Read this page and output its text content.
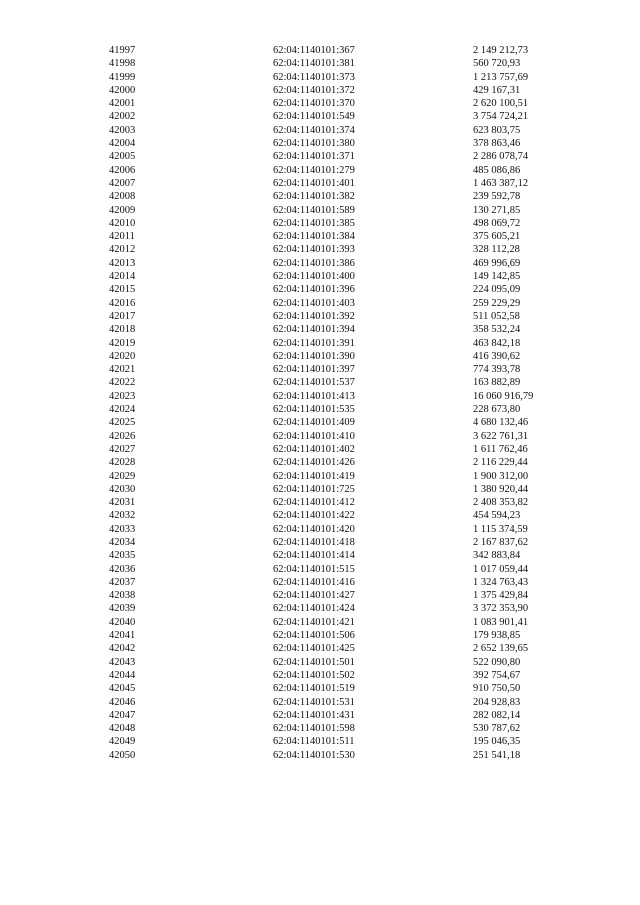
41997	62:04:1140101:367	2 149 212,73
41998	62:04:1140101:381	560 720,93
41999	62:04:1140101:373	1 213 757,69
42000	62:04:1140101:372	429 167,31
42001	62:04:1140101:370	2 620 100,51
42002	62:04:1140101:549	3 754 724,21
42003	62:04:1140101:374	623 803,75
42004	62:04:1140101:380	378 863,46
42005	62:04:1140101:371	2 286 078,74
42006	62:04:1140101:279	485 086,86
42007	62:04:1140101:401	1 463 387,12
42008	62:04:1140101:382	239 592,78
42009	62:04:1140101:589	130 271,85
42010	62:04:1140101:385	498 069,72
42011	62:04:1140101:384	375 605,21
42012	62:04:1140101:393	328 112,28
42013	62:04:1140101:386	469 996,69
42014	62:04:1140101:400	149 142,85
42015	62:04:1140101:396	224 095,09
42016	62:04:1140101:403	259 229,29
42017	62:04:1140101:392	511 052,58
42018	62:04:1140101:394	358 532,24
42019	62:04:1140101:391	463 842,18
42020	62:04:1140101:390	416 390,62
42021	62:04:1140101:397	774 393,78
42022	62:04:1140101:537	163 882,89
42023	62:04:1140101:413	16 060 916,79
42024	62:04:1140101:535	228 673,80
42025	62:04:1140101:409	4 680 132,46
42026	62:04:1140101:410	3 622 761,31
42027	62:04:1140101:402	1 611 762,46
42028	62:04:1140101:426	2 116 229,44
42029	62:04:1140101:419	1 900 312,00
42030	62:04:1140101:725	1 380 920,44
42031	62:04:1140101:412	2 408 353,82
42032	62:04:1140101:422	454 594,23
42033	62:04:1140101:420	1 115 374,59
42034	62:04:1140101:418	2 167 837,62
42035	62:04:1140101:414	342 883,84
42036	62:04:1140101:515	1 017 059,44
42037	62:04:1140101:416	1 324 763,43
42038	62:04:1140101:427	1 375 429,84
42039	62:04:1140101:424	3 372 353,90
42040	62:04:1140101:421	1 083 901,41
42041	62:04:1140101:506	179 938,85
42042	62:04:1140101:425	2 652 139,65
42043	62:04:1140101:501	522 090,80
42044	62:04:1140101:502	392 754,67
42045	62:04:1140101:519	910 750,50
42046	62:04:1140101:531	204 928,83
42047	62:04:1140101:431	282 082,14
42048	62:04:1140101:598	530 787,62
42049	62:04:1140101:511	195 046,35
42050	62:04:1140101:530	251 541,18
